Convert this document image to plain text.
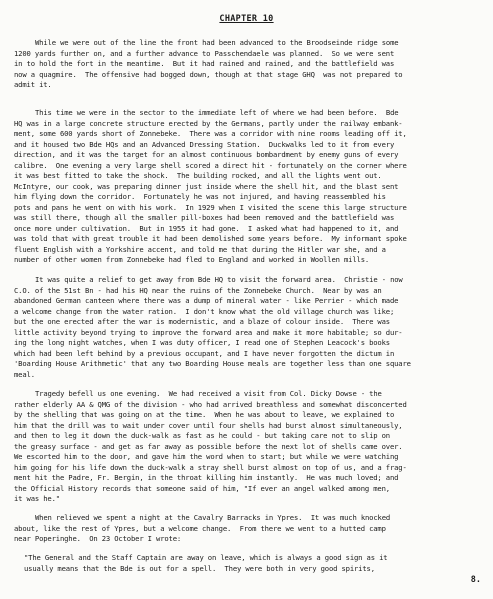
CHAPTER 10
While we were out of the line the front had been advanced to the Broodseinde ridge some
1200 yards further on, and a further advance to Passchendaele was planned.  So we were sent
in to hold the fort in the meantime.  But it had rained and rained, and the battlefield was
now a quagmire.  The offensive had bogged down, though at that stage GHQ  was not prepared to
admit it.
This time we were in the sector to the immediate left of where we had been before.  Bde
HQ was in a large concrete structure erected by the Germans, partly under the railway embank-
ment, some 600 yards short of Zonnebeke.  There was a corridor with nine rooms leading off it,
and it housed two Bde HQs and an Advanced Dressing Station.  Duckwalks led to it from every
direction, and it was the target for an almost continuous bombardment by enemy guns of every
calibre.  One evening a very large shell scored a direct hit - fortunately on the corner where
it was best fitted to take the shock.  The building rocked, and all the lights went out.
McIntyre, our cook, was preparing dinner just inside where the shell hit, and the blast sent
him flying down the corridor.  Fortunately he was not injured, and having reassembled his
pots and pans he went on with his work.  In 1929 when I visited the scene this large structure
was still there, though all the smaller pill-boxes had been removed and the battlefield was
once more under cultivation.  But in 1955 it had gone.  I asked what had happened to it, and
was told that with great trouble it had been demolished some years before.  My informant spoke
fluent English with a Yorkshire accent, and told me that during the Hitler war she, and a
number of other women from Zonnebeke had fled to England and worked in Woollen mills.
It was quite a relief to get away from Bde HQ to visit the forward area.  Christie - now
C.O. of the 51st Bn - had his HQ near the ruins of the Zonnebeke Church.  Near by was an
abandoned German canteen where there was a dump of mineral water - like Perrier - which made
a welcome change from the water ration.  I don't know what the old village church was like;
but the one erected after the war is modernistic, and a blaze of colour inside.  There was
little activity beyond trying to improve the forward area and make it more habitable; so dur-
ing the long night watches, when I was duty officer, I read one of Stephen Leacock's books
which had been left behind by a previous occupant, and I have never forgotten the dictum in
'Boarding House Arithmetic' that any two Boarding House meals are together less than one square
meal.
Tragedy befell us one evening.  We had received a visit from Col. Dicky Dowse - the
rather elderly AA & QMG of the division - who had arrived breathless and somewhat disconcerted
by the shelling that was going on at the time.  When he was about to leave, we explained to
him that the drill was to wait under cover until four shells had burst almost simultaneously,
and then to leg it down the duck-walk as fast as he could - but taking care not to slip on
the greasy surface - and get as far away as possible before the next lot of shells came over.
We escorted him to the door, and gave him the word when to start; but while we were watching
him going for his life down the duck-walk a stray shell burst almost on top of us, and a frag-
ment hit the Padre, Fr. Bergin, in the throat killing him instantly.  He was much loved; and
the Official History records that someone said of him, "If ever an angel walked among men,
it was he."
When relieved we spent a night at the Cavalry Barracks in Ypres.  It was much knocked
about, like the rest of Ypres, but a welcome change.  From there we went to a hutted camp
near Poperinghe.  On 23 October I wrote:
"The General and the Staff Captain are away on leave, which is always a good sign as it
usually means that the Bde is out for a spell.  They were both in very good spirits,
8.
